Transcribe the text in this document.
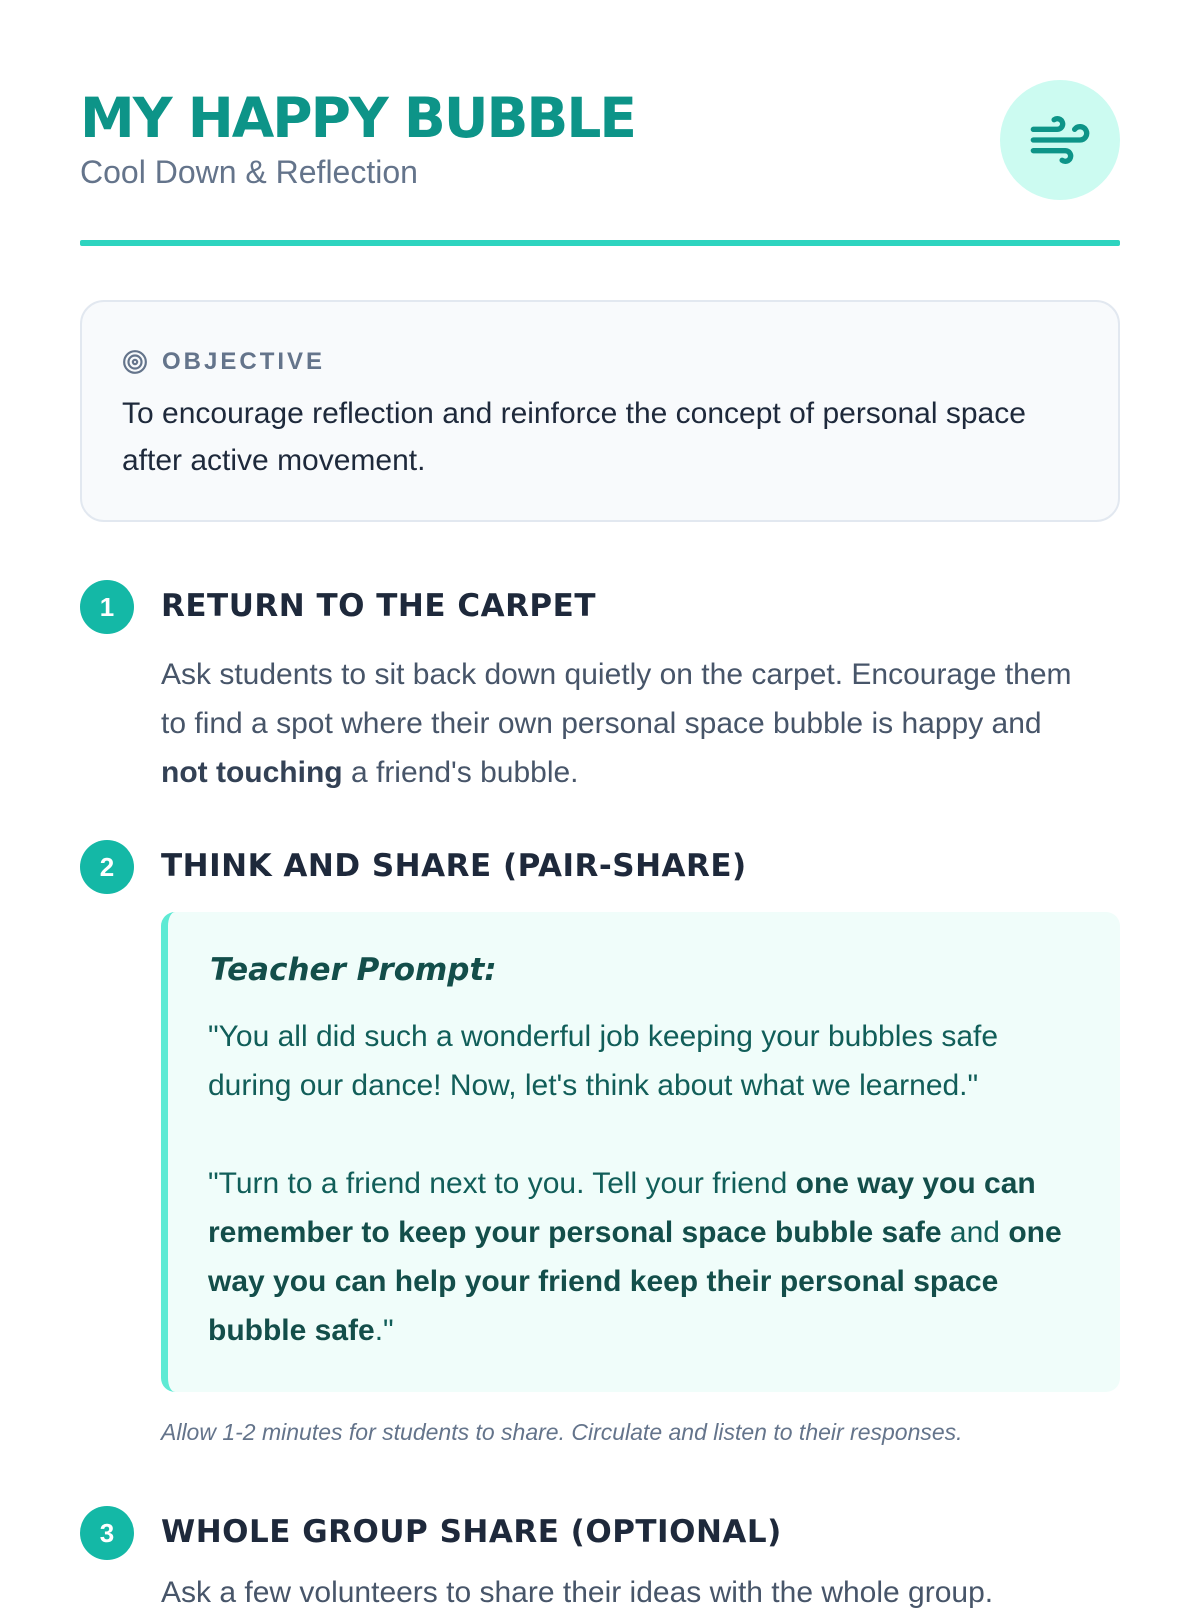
MY HAPPY BUBBLE
Cool Down & Reflection
OBJECTIVE
To encourage reflection and reinforce the concept of personal space after active movement.
1	RETURN TO THE CARPET
Ask students to sit back down quietly on the carpet. Encourage them to find a spot where their own personal space bubble is happy and not touching a friend's bubble.
2	THINK AND SHARE (PAIR-SHARE)
Teacher Prompt:

"You all did such a wonderful job keeping your bubbles safe during our dance! Now, let's think about what we learned."

"Turn to a friend next to you. Tell your friend one way you can remember to keep your personal space bubble safe and one way you can help your friend keep their personal space bubble safe."

Allow 1-2 minutes for students to share. Circulate and listen to their responses.
3	WHOLE GROUP SHARE (OPTIONAL)
Ask a few volunteers to share their ideas with the whole group.
